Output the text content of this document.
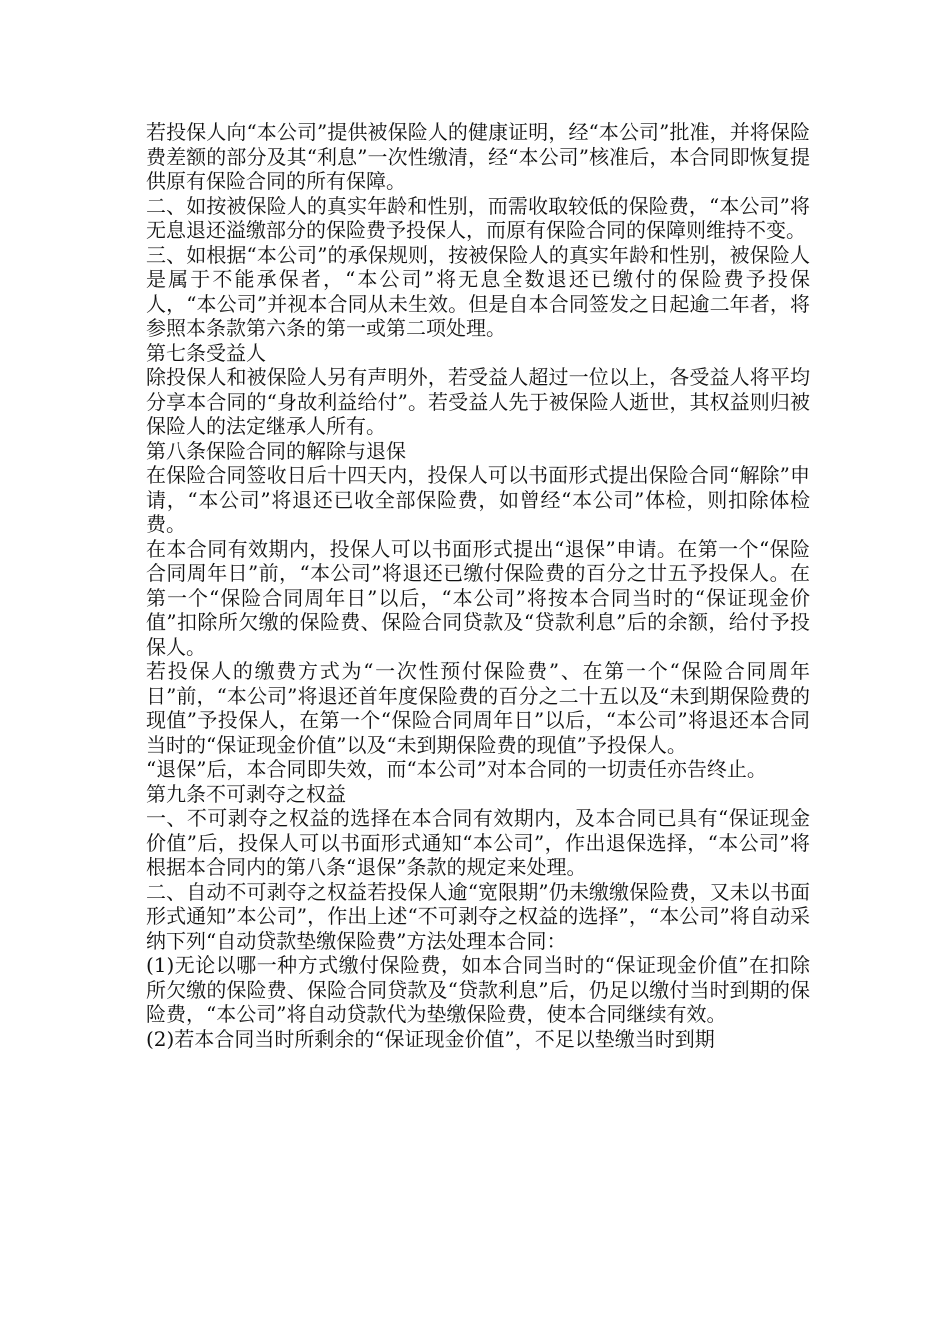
若投保人向“本公司”提供被保险人的健康证明，经“本公司”批准，并将保险费差额的部分及其“利息”一次性缴清，经“本公司”核准后，本合同即恢复提供原有保险合同的所有保障。

二、如按被保险人的真实年龄和性别，而需收取较低的保险费，“本公司”将无息退还溢缴部分的保险费予投保人，而原有保险合同的保障则维持不变。

三、如根据“本公司”的承保规则，按被保险人的真实年龄和性别，被保险人是属于不能承保者，“本公司”将无息全数退还已缴付的保险费予投保人，“本公司”并视本合同从未生效。但是自本合同签发之日起逾二年者，将参照本条款第六条的第一或第二项处理。

第七条受益人

除投保人和被保险人另有声明外，若受益人超过一位以上，各受益人将平均分享本合同的“身故利益给付”。若受益人先于被保险人逝世，其权益则归被保险人的法定继承人所有。

第八条保险合同的解除与退保

在保险合同签收日后十四天内，投保人可以书面形式提出保险合同“解除”申请，“本公司”将退还已收全部保险费，如曾经“本公司”体检，则扣除体检费。

在本合同有效期内，投保人可以书面形式提出“退保”申请。在第一个“保险合同周年日”前，“本公司”将退还已缴付保险费的百分之廿五予投保人。在第一个“保险合同周年日”以后，“本公司”将按本合同当时的“保证现金价值”扣除所欠缴的保险费、保险合同贷款及“贷款利息”后的余额，给付予投保人。

若投保人的缴费方式为“一次性预付保险费”、在第一个“保险合同周年日”前，“本公司”将退还首年度保险费的百分之二十五以及“未到期保险费的现值”予投保人，在第一个“保险合同周年日”以后，“本公司”将退还本合同当时的“保证现金价值”以及“未到期保险费的现值”予投保人。

“退保”后，本合同即失效，而“本公司”对本合同的一切责任亦告终止。

第九条不可剥夺之权益

一、不可剥夺之权益的选择在本合同有效期内，及本合同已具有“保证现金价值”后，投保人可以书面形式通知“本公司”，作出退保选择，“本公司”将根据本合同内的第八条“退保”条款的规定来处理。

二、自动不可剥夺之权益若投保人逾“宽限期”仍未缴缴保险费，又未以书面形式通知”本公司”，作出上述“不可剥夺之权益的选择”，“本公司”将自动采纳下列“自动贷款垫缴保险费”方法处理本合同：

(1)无论以哪一种方式缴付保险费，如本合同当时的“保证现金价值”在扣除所欠缴的保险费、保险合同贷款及“贷款利息”后，仍足以缴付当时到期的保险费，“本公司”将自动贷款代为垫缴保险费，使本合同继续有效。

(2)若本合同当时所剩余的“保证现金价值”，不足以垫缴当时到期
